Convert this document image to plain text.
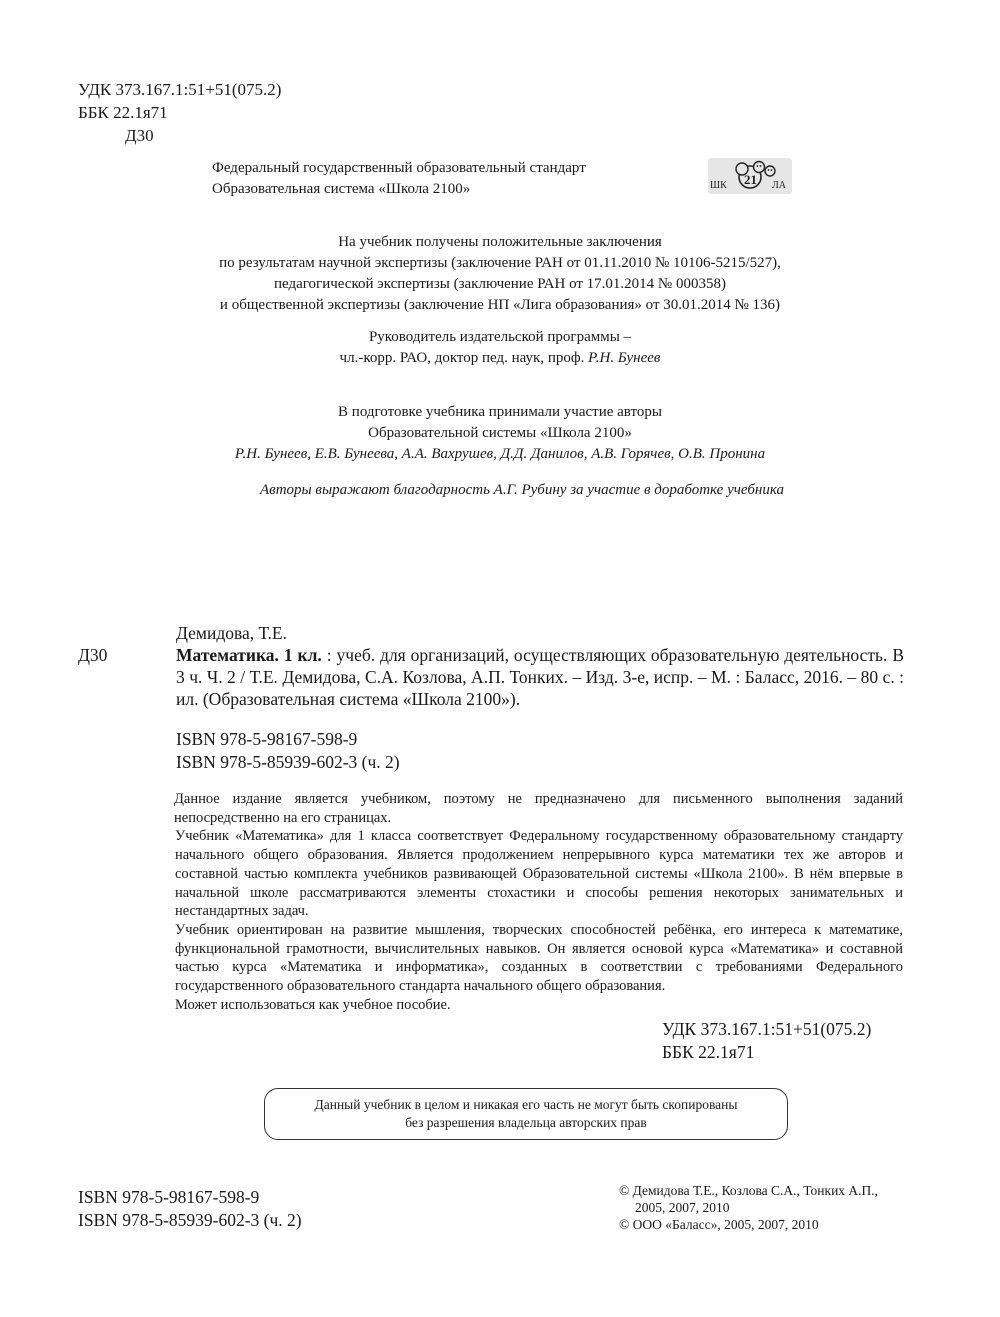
УДК 373.167.1:51+51(075.2)
ББК 22.1я71
Д30
Федеральный государственный образовательный стандарт
Образовательная система «Школа 2100»	ШК 21 ЛА
На учебник получены положительные заключения
по результатам научной экспертизы (заключение РАН от 01.11.2010 № 10106-5215/527),
педагогической экспертизы (заключение РАН от 17.01.2014 № 000358)
и общественной экспертизы (заключение НП «Лига образования» от 30.01.2014 № 136)
Руководитель издательской программы –
чл.-корр. РАО, доктор пед. наук, проф. Р.Н. Бунеев
В подготовке учебника принимали участие авторы
Образовательной системы «Школа 2100»
Р.Н. Бунеев, Е.В. Бунеева, А.А. Вахрушев, Д.Д. Данилов, А.В. Горячев, О.В. Пронина
Авторы выражают благодарность А.Г. Рубину за участие в доработке учебника
Демидова, Т.Е.
Д30	Математика. 1 кл. : учеб. для организаций, осуществляющих образовательную деятельность. В 3 ч. Ч. 2 / Т.Е. Демидова, С.А. Козлова, А.П. Тонких. – Изд. 3-е, испр. – М. : Баласс, 2016. – 80 с. : ил. (Образовательная система «Школа 2100»).
ISBN 978-5-98167-598-9
ISBN 978-5-85939-602-3 (ч. 2)

Данное издание является учебником, поэтому не предназначено для письменного выполнения заданий непосредственно на его страницах.

Учебник «Математика» для 1 класса соответствует Федеральному государственному образовательному стандарту начального общего образования. Является продолжением непрерывного курса математики тех же авторов и составной частью комплекта учебников развивающей Образовательной системы «Школа 2100». В нём впервые в начальной школе рассматриваются элементы стохастики и способы решения некоторых занимательных и нестандартных задач.

Учебник ориентирован на развитие мышления, творческих способностей ребёнка, его интереса к математике, функциональной грамотности, вычислительных навыков. Он является основой курса «Математика» и составной частью курса «Математика и информатика», созданных в соответствии с требованиями Федерального государственного образовательного стандарта начального общего образования.

Может использоваться как учебное пособие.

УДК 373.167.1:51+51(075.2)
ББК 22.1я71
Данный учебник в целом и никакая его часть не могут быть скопированы
без разрешения владельца авторских прав
ISBN 978-5-98167-598-9
ISBN 978-5-85939-602-3 (ч. 2)
© Демидова Т.Е., Козлова С.А., Тонких А.П.,
2005, 2007, 2010
© ООО «Баласс», 2005, 2007, 2010
